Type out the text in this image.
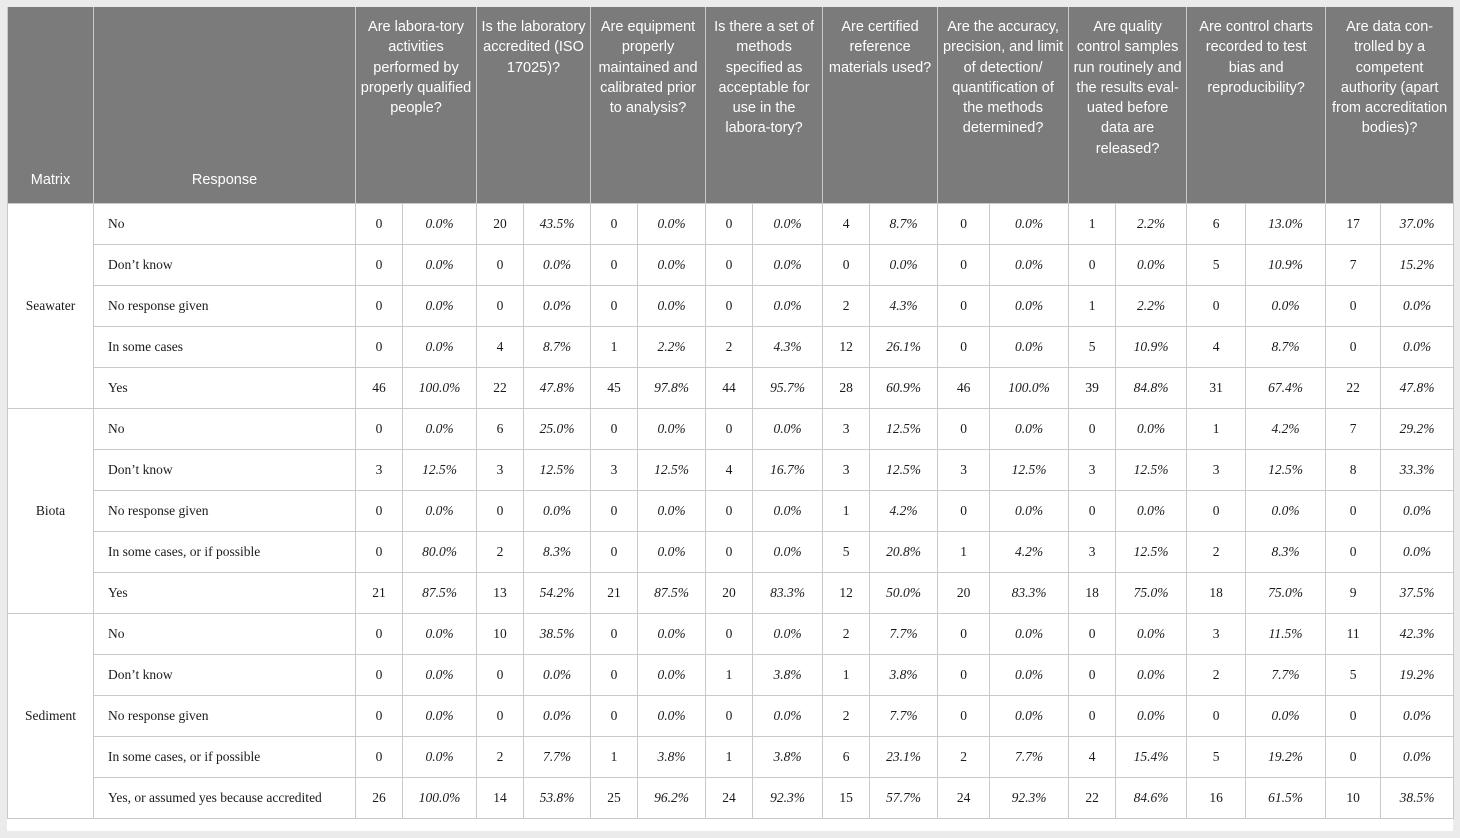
Matrix	Response	Are labora-tory activities performed by properly qualified people?		Is the laboratory accredited (ISO 17025)?		Are equipment properly maintained and calibrated prior to analysis?		Is there a set of methods specified as acceptable for use in the labora-tory?		Are certified reference materials used?		Are the accuracy, precision, and limit of detection/ quantification of the methods determined?		Are quality control samples run routinely and the results eval-uated before data are released?		Are control charts recorded to test bias and reproducibility?		Are data con-trolled by a competent authority (apart from accreditation bodies)?	
Seawater	No	0	0.0%	20	43.5%	0	0.0%	0	0.0%	4	8.7%	0	0.0%	1	2.2%	6	13.0%	17	37.0%
	Don’t know	0	0.0%	0	0.0%	0	0.0%	0	0.0%	0	0.0%	0	0.0%	0	0.0%	5	10.9%	7	15.2%
	No response given	0	0.0%	0	0.0%	0	0.0%	0	0.0%	2	4.3%	0	0.0%	1	2.2%	0	0.0%	0	0.0%
	In some cases	0	0.0%	4	8.7%	1	2.2%	2	4.3%	12	26.1%	0	0.0%	5	10.9%	4	8.7%	0	0.0%
	Yes	46	100.0%	22	47.8%	45	97.8%	44	95.7%	28	60.9%	46	100.0%	39	84.8%	31	67.4%	22	47.8%
Biota	No	0	0.0%	6	25.0%	0	0.0%	0	0.0%	3	12.5%	0	0.0%	0	0.0%	1	4.2%	7	29.2%
	Don’t know	3	12.5%	3	12.5%	3	12.5%	4	16.7%	3	12.5%	3	12.5%	3	12.5%	3	12.5%	8	33.3%
	No response given	0	0.0%	0	0.0%	0	0.0%	0	0.0%	1	4.2%	0	0.0%	0	0.0%	0	0.0%	0	0.0%
	In some cases, or if possible	0	80.0%	2	8.3%	0	0.0%	0	0.0%	5	20.8%	1	4.2%	3	12.5%	2	8.3%	0	0.0%
	Yes	21	87.5%	13	54.2%	21	87.5%	20	83.3%	12	50.0%	20	83.3%	18	75.0%	18	75.0%	9	37.5%
Sediment	No	0	0.0%	10	38.5%	0	0.0%	0	0.0%	2	7.7%	0	0.0%	0	0.0%	3	11.5%	11	42.3%
	Don’t know	0	0.0%	0	0.0%	0	0.0%	1	3.8%	1	3.8%	0	0.0%	0	0.0%	2	7.7%	5	19.2%
	No response given	0	0.0%	0	0.0%	0	0.0%	0	0.0%	2	7.7%	0	0.0%	0	0.0%	0	0.0%	0	0.0%
	In some cases, or if possible	0	0.0%	2	7.7%	1	3.8%	1	3.8%	6	23.1%	2	7.7%	4	15.4%	5	19.2%	0	0.0%
	Yes, or assumed yes because accredited	26	100.0%	14	53.8%	25	96.2%	24	92.3%	15	57.7%	24	92.3%	22	84.6%	16	61.5%	10	38.5%
